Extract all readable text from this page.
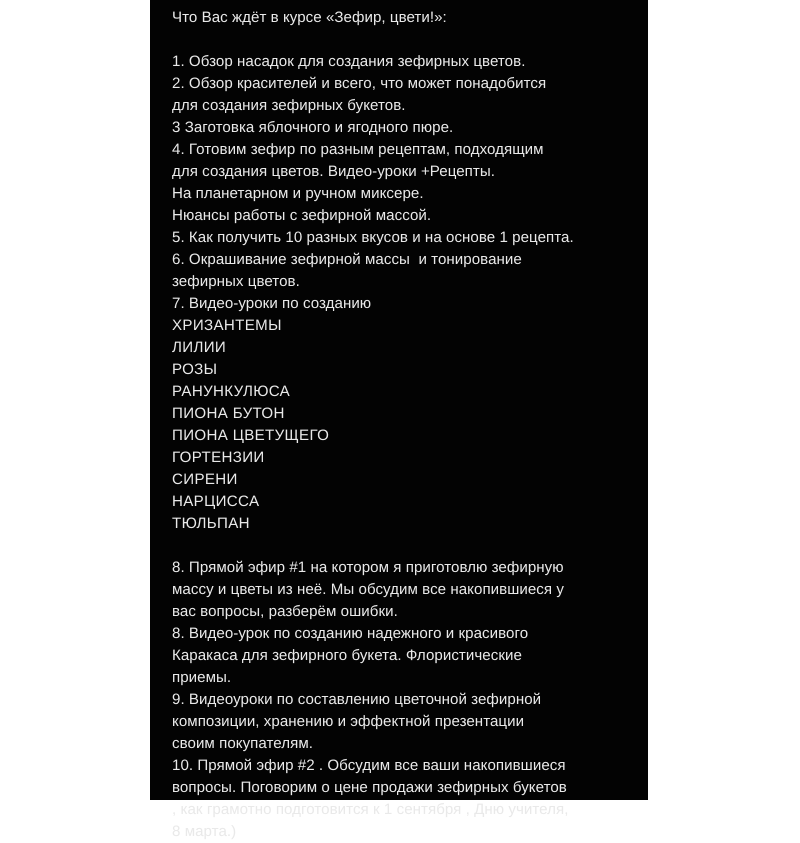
Что Вас ждёт в курсе «Зефир, цвети!»:
1. Обзор насадок для создания зефирных цветов.
2. Обзор красителей и всего, что может понадобится
для создания зефирных букетов.
3 Заготовка яблочного и ягодного пюре.
4. Готовим зефир по разным рецептам, подходящим
для создания цветов. Видео-уроки +Рецепты.
На планетарном и ручном миксере.
Нюансы работы с зефирной массой.
5. Как получить 10 разных вкусов и на основе 1 рецепта.
6. Окрашивание зефирной массы  и тонирование
зефирных цветов.
7. Видео-уроки по созданию
ХРИЗАНТЕМЫ
ЛИЛИИ
РОЗЫ
РАНУНКУЛЮСА
ПИОНА БУТОН
ПИОНА ЦВЕТУЩЕГО
ГОРТЕНЗИИ
СИРЕНИ
НАРЦИССА
ТЮЛЬПАН
8. Прямой эфир #1 на котором я приготовлю зефирную
массу и цветы из неё. Мы обсудим все накопившиеся у
вас вопросы, разберём ошибки.
8. Видео-урок по созданию надежного и красивого
Каракаса для зефирного букета. Флористические
приемы.
9. Видеоуроки по составлению цветочной зефирной
композиции, хранению и эффектной презентации
своим покупателям.
10. Прямой эфир #2 . Обсудим все ваши накопившиеся
вопросы. Поговорим о цене продажи зефирных букетов
, как грамотно подготовится к 1 сентября , Дню учителя,
8 марта.)
